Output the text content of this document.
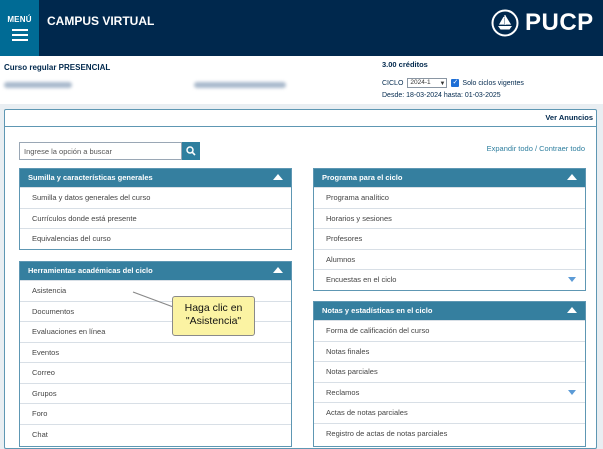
MENÚ	CAMPUS VIRTUAL	PUCP
Curso regular PRESENCIAL	3.00 créditos
CICLO	2024-1 ▼ ✓ Solo ciclos vigentes
Desde: 18-03-2024 hasta: 01-03-2025
Ver Anuncios
Ingrese la opción a buscar
Expandir todo / Contraer todo
Sumilla y características generales
Sumilla y datos generales del curso
Currículos donde está presente
Equivalencias del curso
Herramientas académicas del ciclo
Asistencia
Documentos
Evaluaciones en línea
Eventos
Correo
Grupos
Foro
Chat
Programa para el ciclo
Programa analítico
Horarios y sesiones
Profesores
Alumnos
Encuestas en el ciclo
Notas y estadísticas en el ciclo
Forma de calificación del curso
Notas finales
Notas parciales
Reclamos
Actas de notas parciales
Registro de actas de notas parciales
Haga clic en
"Asistencia"
